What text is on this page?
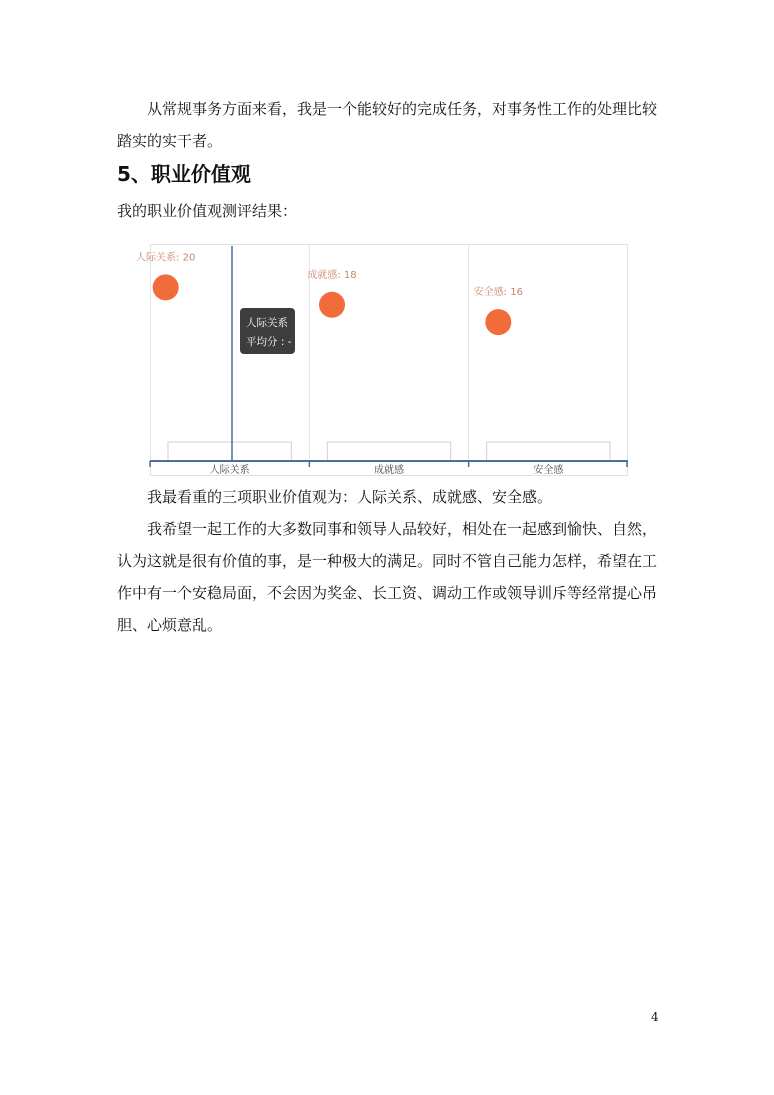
从常规事务方面来看，我是一个能较好的完成任务，对事务性工作的处理比较踏实的实干者。

5、职业价值观

我的职业价值观测评结果：

人际关系	成就感	安全感
人际关系: 20
成就感: 18
安全感: 16
人际关系
平均分 : -

我最看重的三项职业价值观为：人际关系、成就感、安全感。

我希望一起工作的大多数同事和领导人品较好，相处在一起感到愉快、自然，认为这就是很有价值的事，是一种极大的满足。同时不管自己能力怎样，希望在工作中有一个安稳局面，不会因为奖金、长工资、调动工作或领导训斥等经常提心吊胆、心烦意乱。

4
